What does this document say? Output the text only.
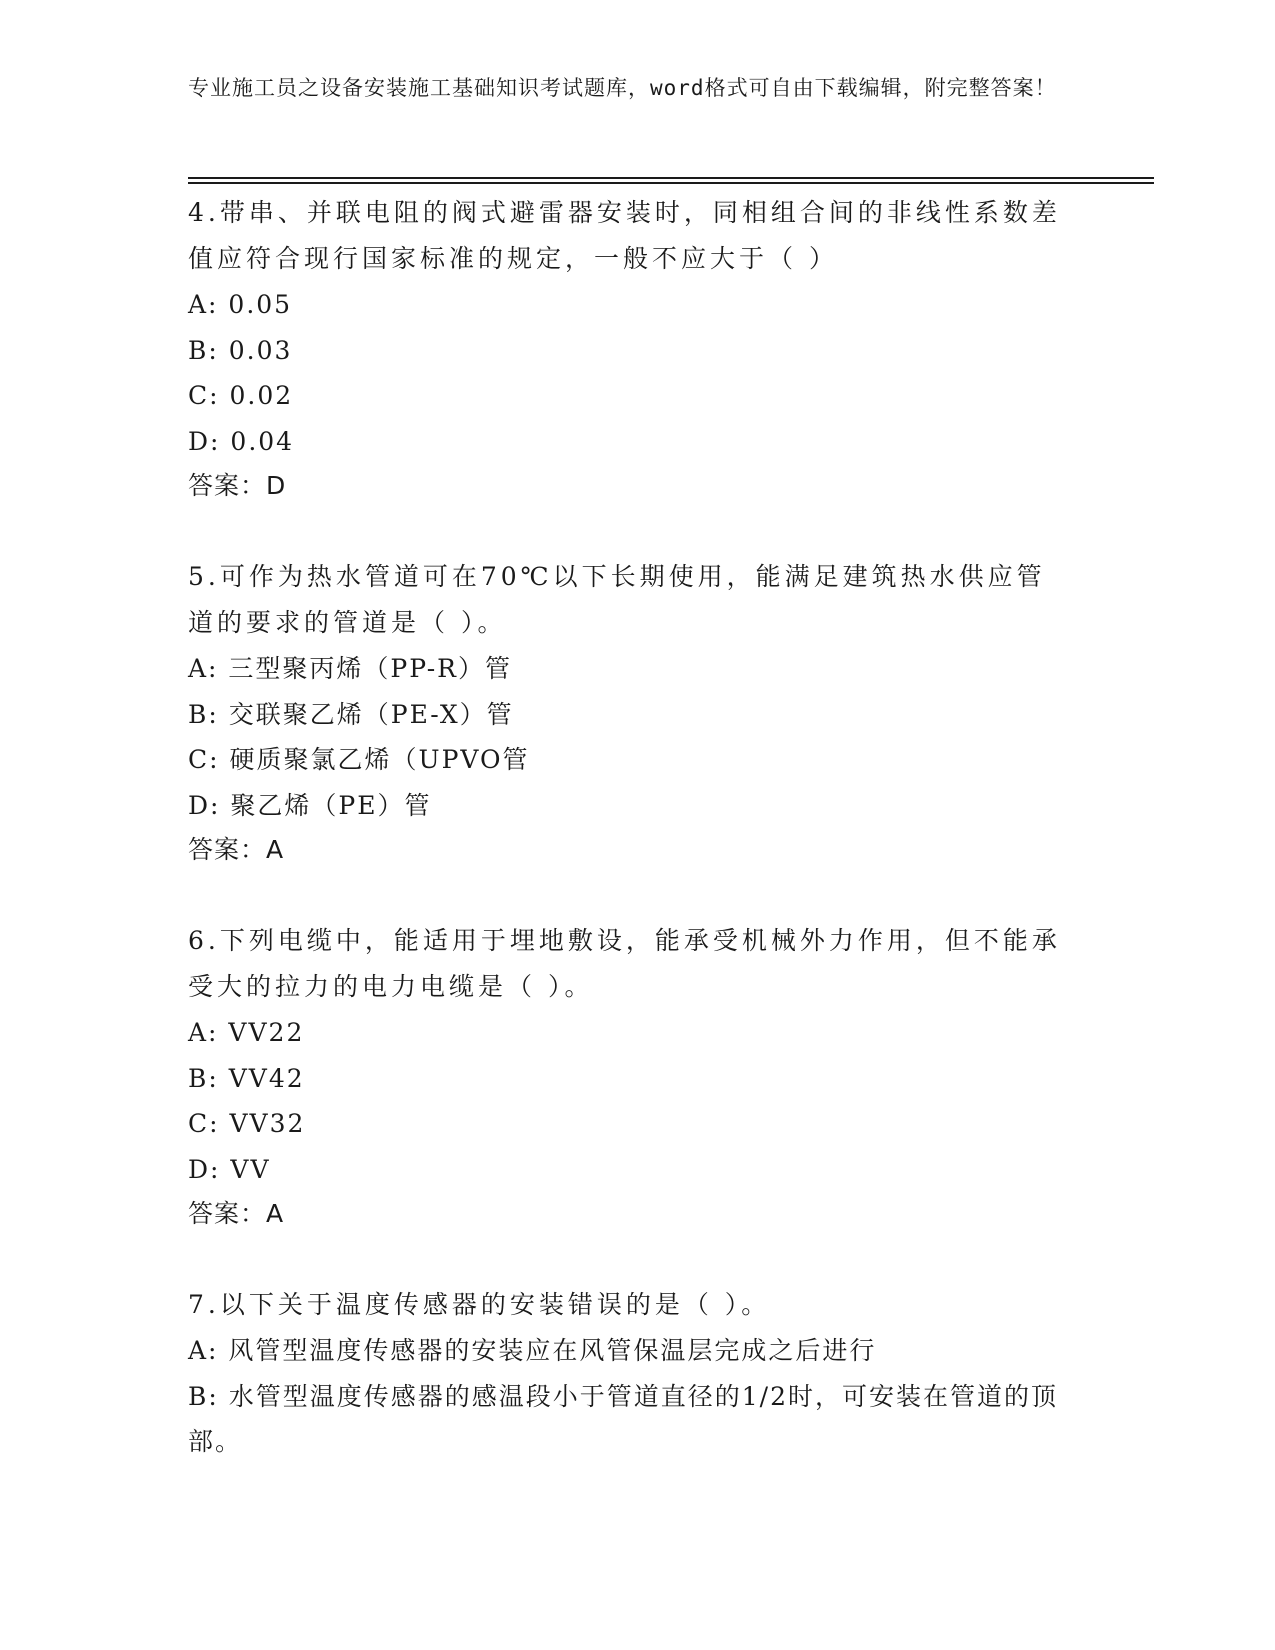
专业施工员之设备安装施工基础知识考试题库，word格式可自由下载编辑，附完整答案！
4.带串、并联电阻的阀式避雷器安装时，同相组合间的非线性系数差值应符合现行国家标准的规定，一般不应大于（ ）
A: 0.05
B: 0.03
C: 0.02
D: 0.04
答案：D
5.可作为热水管道可在70℃以下长期使用，能满足建筑热水供应管道的要求的管道是（ ）。
A: 三型聚丙烯（PP-R）管
B: 交联聚乙烯（PE-X）管
C: 硬质聚氯乙烯（UPVO管
D: 聚乙烯（PE）管
答案：A
6.下列电缆中，能适用于埋地敷设，能承受机械外力作用，但不能承受大的拉力的电力电缆是（ ）。
A: VV22
B: VV42
C: VV32
D: VV
答案：A
7.以下关于温度传感器的安装错误的是（ ）。
A: 风管型温度传感器的安装应在风管保温层完成之后进行
B: 水管型温度传感器的感温段小于管道直径的1/2时，可安装在管道的顶部。
